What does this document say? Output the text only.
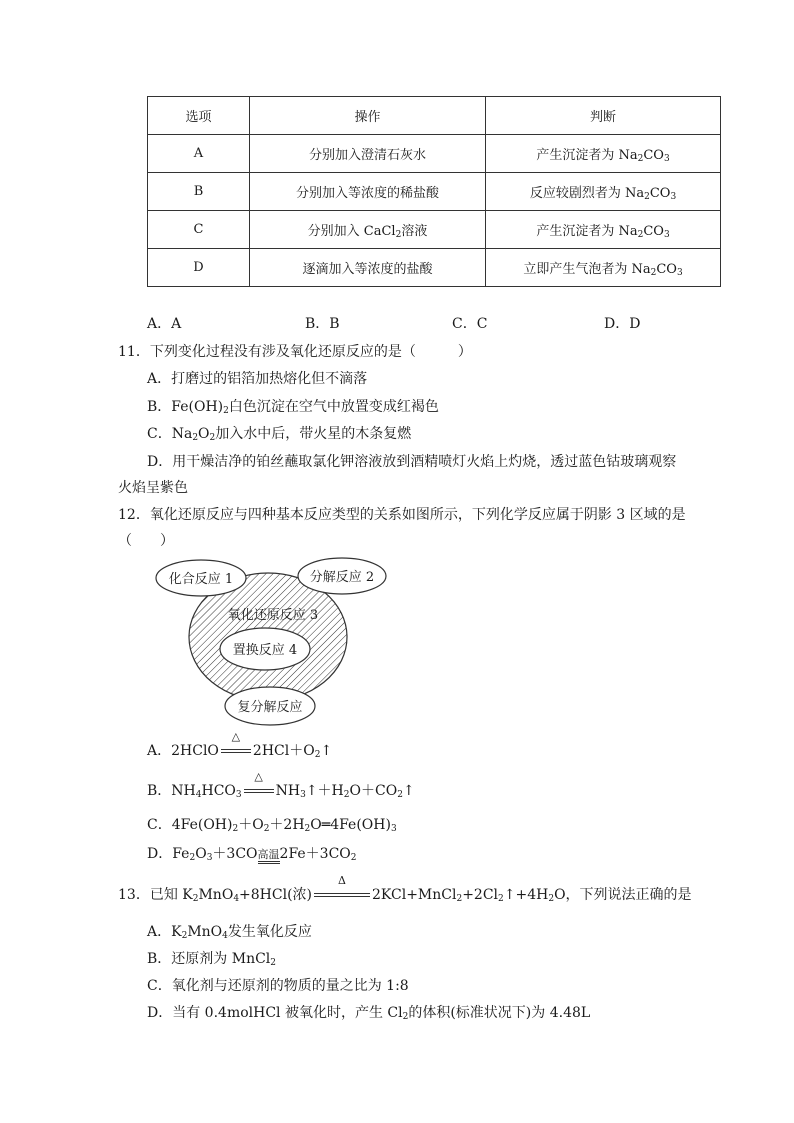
选项	操作	判断
A	分别加入澄清石灰水	产生沉淀者为 $Na_2CO_3$
B	分别加入等浓度的稀盐酸	反应较剧烈者为 $Na_2CO_3$
C	分别加入 CaCl$_2$溶液	产生沉淀者为 $Na_2CO_3$
D	逐滴加入等浓度的盐酸	立即产生气泡者为 $Na_2CO_3$
A．A	B．B	C．C	D．D
11．下列变化过程没有涉及氧化还原反应的是（　　　）
A．打磨过的铝箔加热熔化但不滴落
B．$Fe(OH)_2$白色沉淀在空气中放置变成红褐色
C．$Na_2O_2$加入水中后，带火星的木条复燃
D．用干燥洁净的铂丝蘸取氯化钾溶液放到酒精喷灯火焰上灼烧，透过蓝色钴玻璃观察
火焰呈紫色
12．氧化还原反应与四种基本反应类型的关系如图所示，下列化学反应属于阴影 3 区域的是
（　　）
化合反应 1	分解反应 2
氧化还原反应 3
置换反应 4
复分解反应
A．2HClO
△
$2HCl+O_2↑$
B．$NH_4HCO_3$
△
$NH_3↑+H_2O+CO_2↑$
C．$4Fe(OH)_2+O_2+2H_2O═4Fe(OH)_3$
D．$Fe_2O_3+3CO$高温$2Fe+3CO_2$
13．已知 $K_2MnO_4+8HCl$(浓)
Δ
$2KCl+MnCl_2+2Cl_2↑+4H_2O$，下列说法正确的是
A．$K_2MnO_4$发生氧化反应
B．还原剂为 MnCl$_2$
C．氧化剂与还原剂的物质的量之比为 1:8
D．当有 0.4molHCl 被氧化时，产生 $Cl_2$的体积(标准状况下)为 4.48L
